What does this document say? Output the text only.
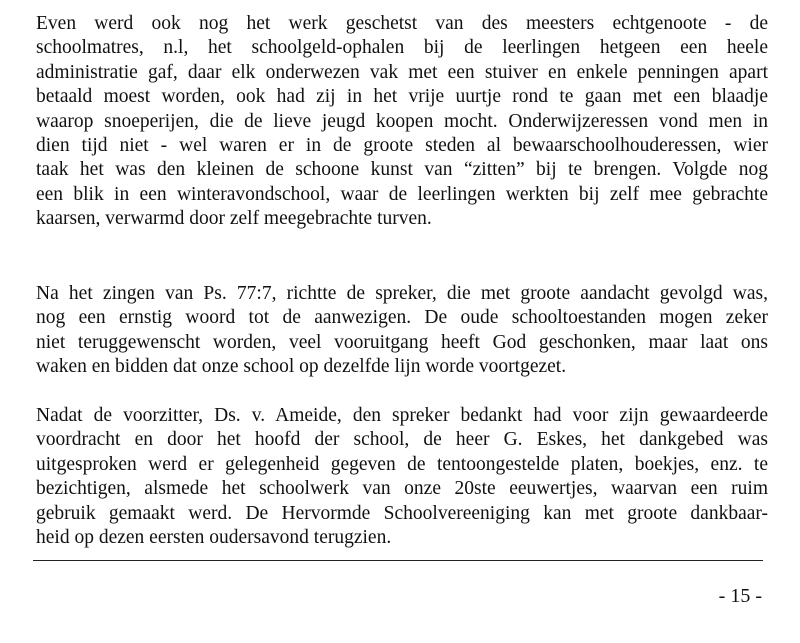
Even werd ook nog het werk geschetst van des meesters echtgenoote - de
schoolmatres, n.l, het schoolgeld-ophalen bij de leerlingen hetgeen een heele
administratie gaf, daar elk onderwezen vak met een stuiver en enkele penningen apart
betaald moest worden, ook had zij in het vrije uurtje rond te gaan met een blaadje
waarop snoeperijen, die de lieve jeugd koopen mocht. Onderwijzeressen vond men in
dien tijd niet - wel waren er in de groote steden al bewaarschoolhouderessen, wier
taak het was den kleinen de schoone kunst van “zitten” bij te brengen. Volgde nog
een blik in een winteravondschool, waar de leerlingen werkten bij zelf mee gebrachte
kaarsen, verwarmd door zelf meegebrachte turven.
Na het zingen van Ps. 77:7, richtte de spreker, die met groote aandacht gevolgd was,
nog een ernstig woord tot de aanwezigen. De oude schooltoestanden mogen zeker
niet teruggewenscht worden, veel vooruitgang heeft God geschonken, maar laat ons
waken en bidden dat onze school op dezelfde lijn worde voortgezet.
Nadat de voorzitter, Ds. v. Ameide, den spreker bedankt had voor zijn gewaardeerde
voordracht en door het hoofd der school, de heer G. Eskes, het dankgebed was
uitgesproken werd er gelegenheid gegeven de tentoongestelde platen, boekjes, enz. te
bezichtigen, alsmede het schoolwerk van onze 20ste eeuwertjes, waarvan een ruim
gebruik gemaakt werd. De Hervormde Schoolvereeniging kan met groote dankbaar-
heid op dezen eersten oudersavond terugzien.
- 15 -
